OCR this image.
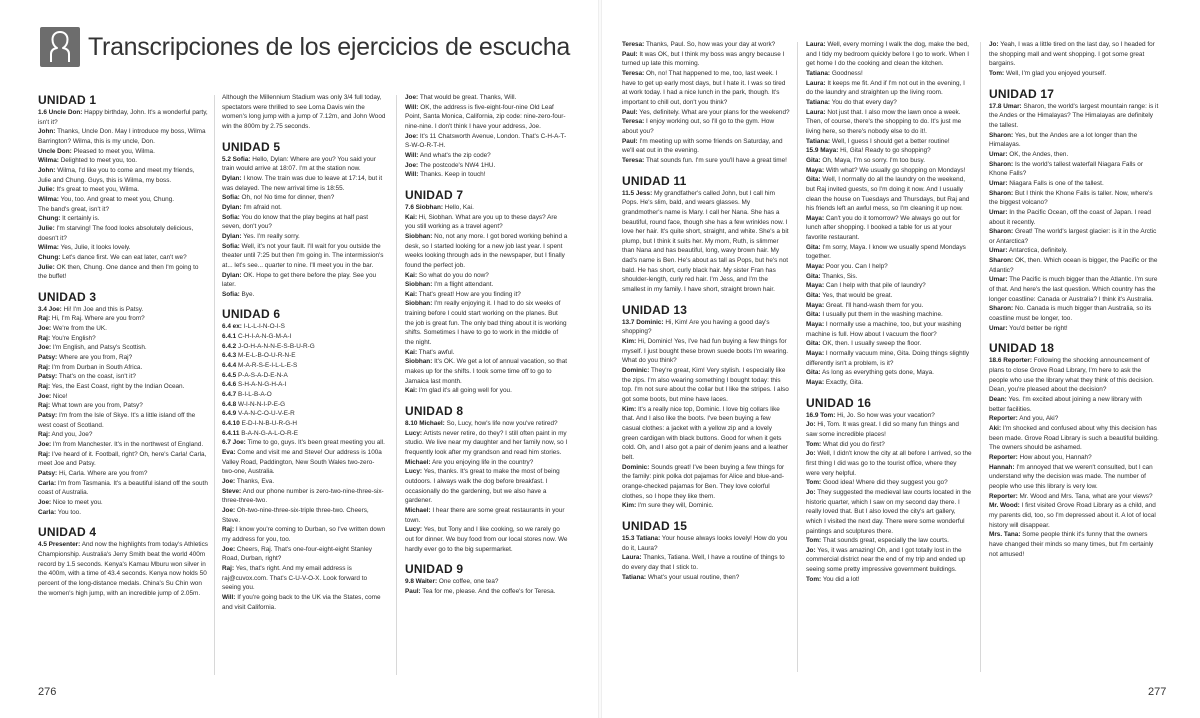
Transcripciones de los ejercicios de escucha
UNIDAD 1

1.6 Uncle Don: Happy birthday, John. It's a wonderful party, isn't it?

John: Thanks, Uncle Don. May I introduce my boss, Wilma Barrington? Wilma, this is my uncle, Don.

Uncle Don: Pleased to meet you, Wilma.

Wilma: Delighted to meet you, too.

John: Wilma, I'd like you to come and meet my friends, Julie and Chung. Guys, this is Wilma, my boss.

Julie: It's great to meet you, Wilma.

Wilma: You, too. And great to meet you, Chung.

The band's great, isn't it?

Chung: It certainly is.

Julie: I'm starving! The food looks absolutely delicious, doesn't it?

Wilma: Yes, Julie, it looks lovely.

Chung: Let's dance first. We can eat later, can't we?

Julie: OK then, Chung. One dance and then I'm going to the buffet!

UNIDAD 3

3.4 Joe: Hi! I'm Joe and this is Patsy.

Raj: Hi, I'm Raj. Where are you from?

Joe: We're from the UK.

Raj: You're English?

Joe: I'm English, and Patsy's Scottish.

Patsy: Where are you from, Raj?

Raj: I'm from Durban in South Africa.

Patsy: That's on the coast, isn't it?

Raj: Yes, the East Coast, right by the Indian Ocean.

Joe: Nice!

Raj: What town are you from, Patsy?

Patsy: I'm from the Isle of Skye. It's a little island off the west coast of Scotland.

Raj: And you, Joe?

Joe: I'm from Manchester. It's in the northwest of England.

Raj: I've heard of it. Football, right? Oh, here's Carla! Carla, meet Joe and Patsy.

Patsy: Hi, Carla. Where are you from?

Carla: I'm from Tasmania. It's a beautiful island off the south coast of Australia.

Joe: Nice to meet you.

Carla: You too.

UNIDAD 4

4.5 Presenter: And now the highlights from today's Athletics Championship. Australia's Jerry Smith beat the world 400m record by 1.5 seconds. Kenya's Kamau Mburu won silver in the 400m, with a time of 43.4 seconds. Kenya now holds 50 percent of the long-distance medals. China's Su Chin won the women's high jump, with an incredible jump of 2.05m.

Although the Millennium Stadium was only 3/4 full today, spectators were thrilled to see Lorna Davis win the women's long jump with a jump of 7.12m, and John Wood win the 800m by 2.75 seconds.

UNIDAD 5

5.2 Sofia: Hello, Dylan: Where are you? You said your train would arrive at 18:07. I'm at the station now.

Dylan: I know. The train was due to leave at 17:14, but it was delayed. The new arrival time is 18:55.

Sofia: Oh, no! No time for dinner, then?

Dylan: I'm afraid not.

Sofia: You do know that the play begins at half past seven, don't you?

Dylan: Yes. I'm really sorry.

Sofia: Well, it's not your fault. I'll wait for you outside the theater until 7:25 but then I'm going in. The intermission's at... let's see... quarter to nine. I'll meet you in the bar.

Dylan: OK. Hope to get there before the play. See you later.

Sofia: Bye.

UNIDAD 6

6.4 ex: I-L-L-I-N-O-I-S

6.4.1 C-H-I-A-N-G-M-A-I

6.4.2 J-O-H-A-N-N-E-S-B-U-R-G

6.4.3 M-E-L-B-O-U-R-N-E

6.4.4 M-A-R-S-E-I-L-L-E-S

6.4.5 P-A-S-A-D-E-N-A

6.4.6 S-H-A-N-G-H-A-I

6.4.7 B-I-L-B-A-O

6.4.8 W-I-N-N-I-P-E-G

6.4.9 V-A-N-C-O-U-V-E-R

6.4.10 E-D-I-N-B-U-R-G-H

6.4.11 B-A-N-G-A-L-O-R-E

6.7 Joe: Time to go, guys. It's been great meeting you all.

Eva: Come and visit me and Steve! Our address is 100a Valley Road, Paddington, New South Wales two-zero-two-one, Australia.

Joe: Thanks, Eva.

Steve: And our phone number is zero-two-nine-three-six-three-three-two.

Joe: Oh-two-nine-three-six-triple three-two. Cheers, Steve.

Raj: I know you're coming to Durban, so I've written down my address for you, too.

Joe: Cheers, Raj. That's one-four-eight-eight Stanley Road, Durban, right?

Raj: Yes, that's right. And my email address is raj@cuvox.com. That's C-U-V-O-X. Look forward to seeing you.

Will: If you're going back to the UK via the States, come and visit California.

Joe: That would be great. Thanks, Will.

Will: OK, the address is five-eight-four-nine Old Leaf Point, Santa Monica, California, zip code: nine-zero-four-nine-nine. I don't think I have your address, Joe.

Joe: It's 11 Chatsworth Avenue, London. That's C-H-A-T-S-W-O-R-T-H.

Will: And what's the zip code?

Joe: The postcode's NW4 1HU.

Will: Thanks. Keep in touch!

UNIDAD 7

7.6 Siobhan: Hello, Kai.

Kai: Hi, Siobhan. What are you up to these days? Are you still working as a travel agent?

Siobhan: No, not any more. I got bored working behind a desk, so I started looking for a new job last year. I spent weeks looking through ads in the newspaper, but I finally found the perfect job.

Kai: So what do you do now?

Siobhan: I'm a flight attendant.

Kai: That's great! How are you finding it?

Siobhan: I'm really enjoying it. I had to do six weeks of training before I could start working on the planes. But the job is great fun. The only bad thing about it is working shifts. Sometimes I have to go to work in the middle of the night.

Kai: That's awful.

Siobhan: It's OK. We get a lot of annual vacation, so that makes up for the shifts. I took some time off to go to Jamaica last month.

Kai: I'm glad it's all going well for you.

UNIDAD 8

8.10 Michael: So, Lucy, how's life now you've retired?

Lucy: Artists never retire, do they? I still often paint in my studio. We live near my daughter and her family now, so I frequently look after my grandson and read him stories.

Michael: Are you enjoying life in the country?

Lucy: Yes, thanks. It's great to make the most of being outdoors. I always walk the dog before breakfast. I occasionally do the gardening, but we also have a gardener.

Michael: I hear there are some great restaurants in your town.

Lucy: Yes, but Tony and I like cooking, so we rarely go out for dinner. We buy food from our local stores now. We hardly ever go to the big supermarket.

UNIDAD 9

9.8 Waiter: One coffee, one tea?

Paul: Tea for me, please. And the coffee's for Teresa.

276

Teresa: Thanks, Paul. So, how was your day at work?

Paul: It was OK, but I think my boss was angry because I turned up late this morning.

Teresa: Oh, no! That happened to me, too, last week. I have to get up early most days, but I hate it. I was so tired at work today. I had a nice lunch in the park, though. It's important to chill out, don't you think?

Paul: Yes, definitely. What are your plans for the weekend?

Teresa: I enjoy working out, so I'll go to the gym. How about you?

Paul: I'm meeting up with some friends on Saturday, and we'll eat out in the evening.

Teresa: That sounds fun. I'm sure you'll have a great time!

UNIDAD 11

11.5 Jess: My grandfather's called John, but I call him Pops. He's slim, bald, and wears glasses. My grandmother's name is Mary. I call her Nana. She has a beautiful, round face, though she has a few wrinkles now. I love her hair. It's quite short, straight, and white. She's a bit plump, but I think it suits her. My mom, Ruth, is slimmer than Nana and has beautiful, long, wavy brown hair. My dad's name is Ben. He's about as tall as Pops, but he's not bald. He has short, curly black hair. My sister Fran has shoulder-length, curly red hair. I'm Jess, and I'm the smallest in my family. I have short, straight brown hair.

UNIDAD 13

13.7 Dominic: Hi, Kim! Are you having a good day's shopping?

Kim: Hi, Dominic! Yes, I've had fun buying a few things for myself. I just bought these brown suede boots I'm wearing. What do you think?

Dominic: They're great, Kim! Very stylish. I especially like the zips. I'm also wearing something I bought today: this top. I'm not sure about the collar but I like the stripes. I also got some boots, but mine have laces.

Kim: It's a really nice top, Dominic. I love big collars like that. And I also like the boots. I've been buying a few casual clothes: a jacket with a yellow zip and a lovely green cardigan with black buttons. Good for when it gets cold. Oh, and I also got a pair of denim jeans and a leather belt.

Dominic: Sounds great! I've been buying a few things for the family: pink polka dot pajamas for Alice and blue-and-orange-checked pajamas for Ben. They love colorful clothes, so I hope they like them.

Kim: I'm sure they will, Dominic.

UNIDAD 15

15.3 Tatiana: Your house always looks lovely! How do you do it, Laura?

Laura: Thanks, Tatiana. Well, I have a routine of things to do every day that I stick to.

Tatiana: What's your usual routine, then?

Laura: Well, every morning I walk the dog, make the bed, and I tidy my bedroom quickly before I go to work. When I get home I do the cooking and clean the kitchen.

Tatiana: Goodness!

Laura: It keeps me fit. And if I'm not out in the evening, I do the laundry and straighten up the living room.

Tatiana: You do that every day?

Laura: Not just that. I also mow the lawn once a week. Then, of course, there's the shopping to do. It's just me living here, so there's nobody else to do it!.

Tatiana: Well, I guess I should get a better routine!

15.9 Maya: Hi, Gita! Ready to go shopping?

Gita: Oh, Maya, I'm so sorry. I'm too busy.

Maya: With what? We usually go shopping on Mondays!

Gita: Well, I normally do all the laundry on the weekend, but Raj invited guests, so I'm doing it now. And I usually clean the house on Tuesdays and Thursdays, but Raj and his friends left an awful mess, so I'm cleaning it up now.

Maya: Can't you do it tomorrow? We always go out for lunch after shopping. I booked a table for us at your favorite restaurant.

Gita: I'm sorry, Maya. I know we usually spend Mondays together.

Maya: Poor you. Can I help?

Gita: Thanks, Sis.

Maya: Can I help with that pile of laundry?

Gita: Yes, that would be great.

Maya: Great. I'll hand-wash them for you.

Gita: I usually put them in the washing machine.

Maya: I normally use a machine, too, but your washing machine is full. How about I vacuum the floor?

Gita: OK, then. I usually sweep the floor.

Maya: I normally vacuum mine, Gita. Doing things slightly differently isn't a problem, is it?

Gita: As long as everything gets done, Maya.

Maya: Exactly, Gita.

UNIDAD 16

16.9 Tom: Hi, Jo. So how was your vacation?

Jo: Hi, Tom. It was great. I did so many fun things and saw some incredible places!

Tom: What did you do first?

Jo: Well, I didn't know the city at all before I arrived, so the first thing I did was go to the tourist office, where they were very helpful.

Tom: Good idea! Where did they suggest you go?

Jo: They suggested the medieval law courts located in the historic quarter, which I saw on my second day there. I really loved that. But I also loved the city's art gallery, which I visited the next day. There were some wonderful paintings and sculptures there.

Tom: That sounds great, especially the law courts.

Jo: Yes, it was amazing! Oh, and I got totally lost in the commercial district near the end of my trip and ended up seeing some pretty impressive government buildings.

Tom: You did a lot!

Jo: Yeah, I was a little tired on the last day, so I headed for the shopping mall and went shopping. I got some great bargains.

Tom: Well, I'm glad you enjoyed yourself.

UNIDAD 17

17.8 Umar: Sharon, the world's largest mountain range: is it the Andes or the Himalayas? The Himalayas are definitely the tallest.

Sharon: Yes, but the Andes are a lot longer than the Himalayas.

Umar: OK, the Andes, then.

Sharon: Is the world's tallest waterfall Niagara Falls or Khone Falls?

Umar: Niagara Falls is one of the tallest.

Sharon: But I think the Khone Falls is taller. Now, where's the biggest volcano?

Umar: In the Pacific Ocean, off the coast of Japan. I read about it recently.

Sharon: Great! The world's largest glacier: is it in the Arctic or Antarctica?

Umar: Antarctica, definitely.

Sharon: OK, then. Which ocean is bigger, the Pacific or the Atlantic?

Umar: The Pacific is much bigger than the Atlantic. I'm sure of that. And here's the last question. Which country has the longer coastline: Canada or Australia? I think it's Australia.

Sharon: No. Canada is much bigger than Australia, so its coastline must be longer, too.

Umar: You'd better be right!

UNIDAD 18

18.6 Reporter: Following the shocking announcement of plans to close Grove Road Library, I'm here to ask the people who use the library what they think of this decision. Dean, you're pleased about the decision?

Dean: Yes. I'm excited about joining a new library with better facilities.

Reporter: And you, Aki?

Aki: I'm shocked and confused about why this decision has been made. Grove Road Library is such a beautiful building. The owners should be ashamed.

Reporter: How about you, Hannah?

Hannah: I'm annoyed that we weren't consulted, but I can understand why the decision was made. The number of people who use this library is very low.

Reporter: Mr. Wood and Mrs. Tana, what are your views?

Mr. Wood: I first visited Grove Road Library as a child, and my parents did, too, so I'm depressed about it. A lot of local history will disappear.

Mrs. Tana: Some people think it's funny that the owners have changed their minds so many times, but I'm certainly not amused!

277
